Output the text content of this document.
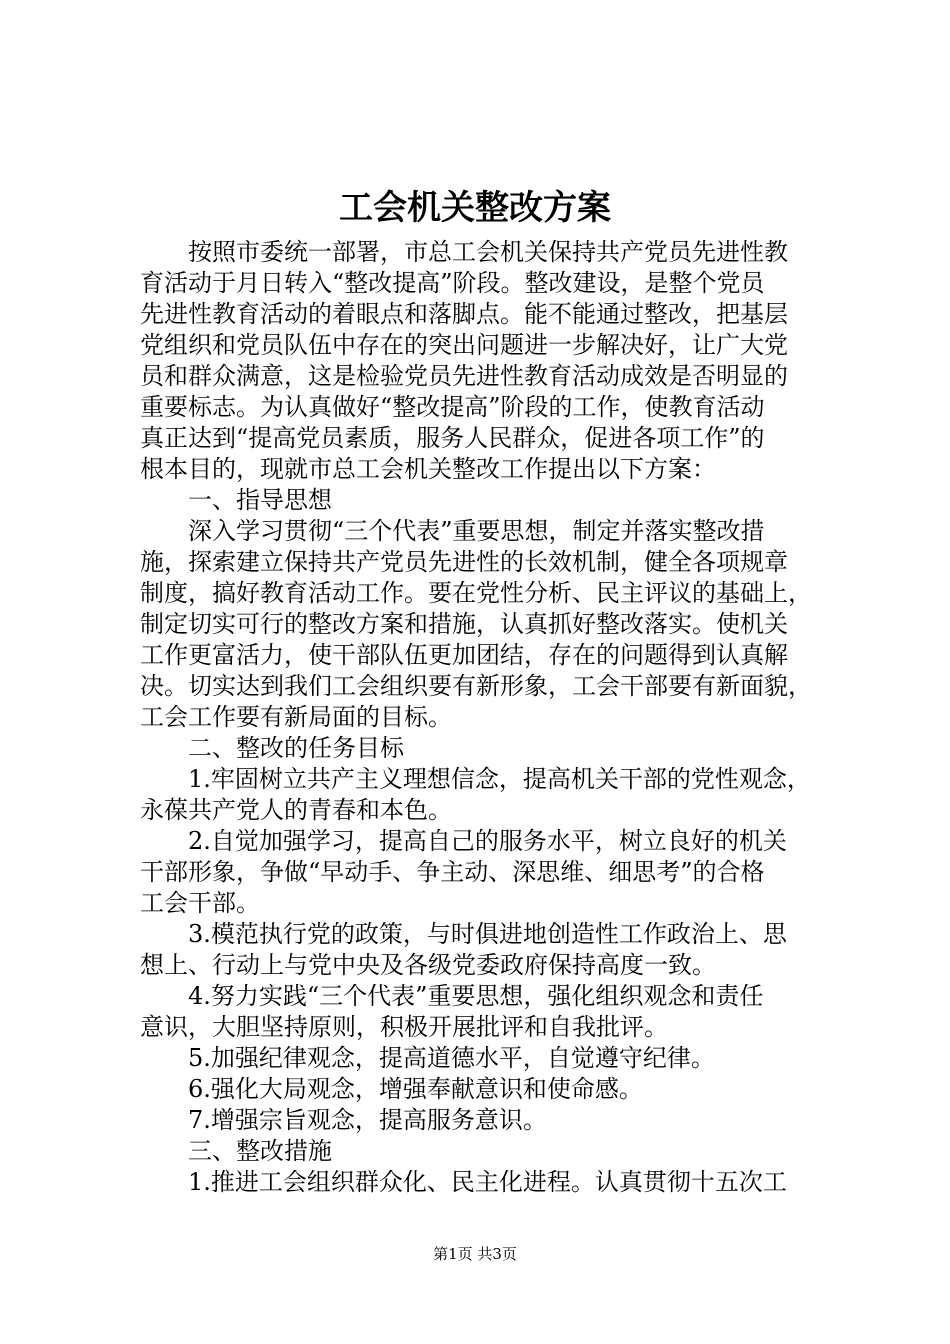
工会机关整改方案
　　按照市委统一部署，市总工会机关保持共产党员先进性教
育活动于月日转入“整改提高”阶段。整改建设，是整个党员
先进性教育活动的着眼点和落脚点。能不能通过整改，把基层
党组织和党员队伍中存在的突出问题进一步解决好，让广大党
员和群众满意，这是检验党员先进性教育活动成效是否明显的
重要标志。为认真做好“整改提高”阶段的工作，使教育活动
真正达到“提高党员素质，服务人民群众，促进各项工作”的
根本目的，现就市总工会机关整改工作提出以下方案：
　　一、指导思想
　　深入学习贯彻“三个代表”重要思想，制定并落实整改措
施，探索建立保持共产党员先进性的长效机制，健全各项规章
制度，搞好教育活动工作。要在党性分析、民主评议的基础上，
制定切实可行的整改方案和措施，认真抓好整改落实。使机关
工作更富活力，使干部队伍更加团结，存在的问题得到认真解
决。切实达到我们工会组织要有新形象，工会干部要有新面貌，
工会工作要有新局面的目标。
　　二、整改的任务目标
　　1.牢固树立共产主义理想信念，提高机关干部的党性观念，
永葆共产党人的青春和本色。
　　2.自觉加强学习，提高自己的服务水平，树立良好的机关
干部形象，争做“早动手、争主动、深思维、细思考”的合格
工会干部。
　　3.模范执行党的政策，与时俱进地创造性工作政治上、思
想上、行动上与党中央及各级党委政府保持高度一致。
　　4.努力实践“三个代表”重要思想，强化组织观念和责任
意识，大胆坚持原则，积极开展批评和自我批评。
　　5.加强纪律观念，提高道德水平，自觉遵守纪律。
　　6.强化大局观念，增强奉献意识和使命感。
　　7.增强宗旨观念，提高服务意识。
　　三、整改措施
　　1.推进工会组织群众化、民主化进程。认真贯彻十五次工
第1页 共3页
